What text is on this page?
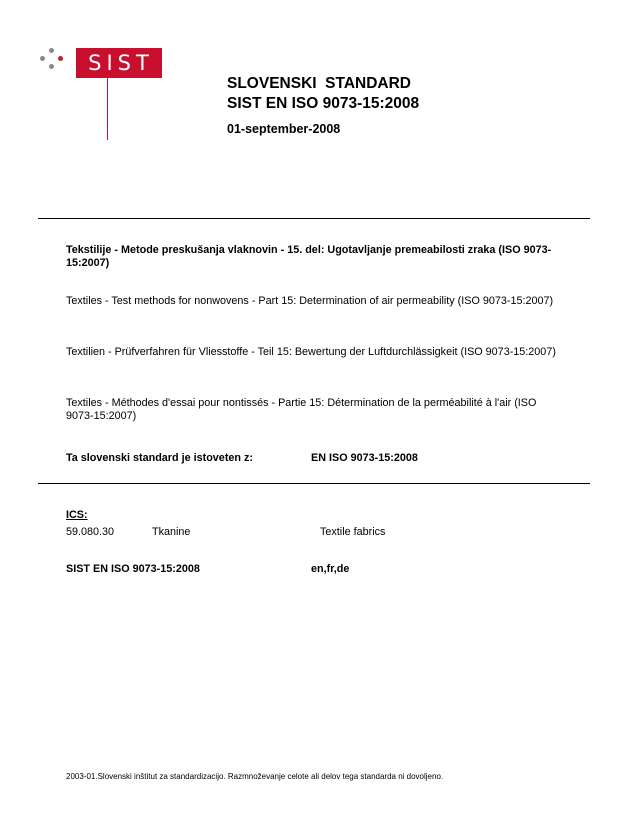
SIST
SLOVENSKI  STANDARD
SIST EN ISO 9073-15:2008
01-september-2008
Tekstilije - Metode preskušanja vlaknovin - 15. del: Ugotavljanje premeabilosti zraka (ISO 9073-15:2007)
Textiles - Test methods for nonwovens - Part 15: Determination of air permeability (ISO 9073-15:2007)
Textilien - Prüfverfahren für Vliesstoffe - Teil 15: Bewertung der Luftdurchlässigkeit (ISO 9073-15:2007)
Textiles - Méthodes d'essai pour nontissés - Partie 15: Détermination de la perméabilité à l'air (ISO 9073-15:2007)
Ta slovenski standard je istoveten z:	EN ISO 9073-15:2008
ICS:
59.080.30	Tkanine	Textile fabrics
SIST EN ISO 9073-15:2008	en,fr,de
2003-01.Slovenski inštitut za standardizacijo. Razmnoževanje celote ali delov tega standarda ni dovoljeno.
